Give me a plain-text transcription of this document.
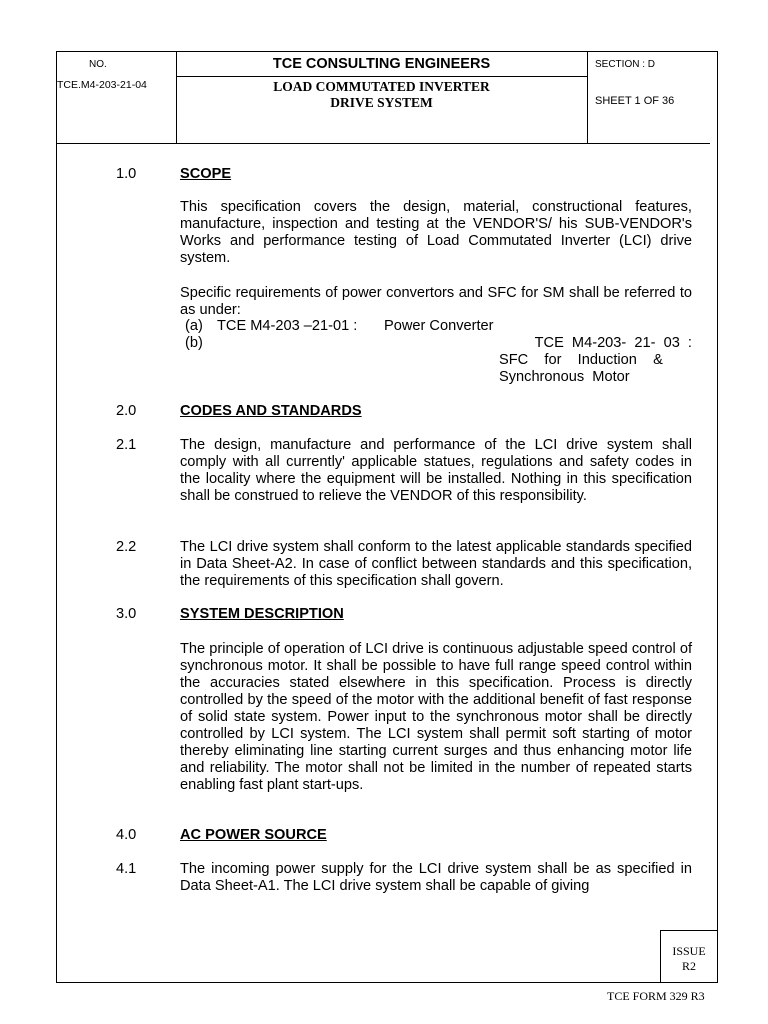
NO.
TCE.M4-203-21-04
TCE CONSULTING ENGINEERS
LOAD COMMUTATED INVERTER
DRIVE SYSTEM
SECTION : D
SHEET 1 OF 36
1.0	SCOPE
This specification covers the design, material, constructional features, manufacture, inspection and testing at the VENDOR'S/ his SUB-VENDOR's Works and performance testing of Load Commutated Inverter (LCI) drive system.
Specific requirements of power convertors and SFC for SM shall be referred to as under:
(a) TCE M4-203 –21-01 : Power Converter
(b)	TCE  M4-203-  21-  03  :
SFC    for    Induction    &
Synchronous  Motor
2.0	CODES AND STANDARDS
2.1	The design, manufacture and performance of the LCI drive system shall comply with all currently' applicable statues, regulations and safety codes in the locality where the equipment will be installed. Nothing in this specification shall be construed to relieve the VENDOR of this responsibility.
2.2	The LCI drive system shall conform to the latest applicable standards specified in Data Sheet-A2. In case of conflict between standards and this specification, the requirements of this specification shall govern.
3.0	SYSTEM DESCRIPTION
The principle of operation of LCI drive is continuous adjustable speed control of synchronous motor. It shall be possible to have full range speed control within the accuracies stated elsewhere in this specification. Process is directly controlled by the speed of the motor with the additional benefit of fast response of solid state system. Power input to the synchronous motor shall be directly controlled by LCI system. The LCI system shall permit soft starting of motor thereby eliminating line starting current surges and thus enhancing motor life and reliability. The motor shall not be limited in the number of repeated starts enabling fast plant start-ups.
4.0	AC POWER SOURCE
4.1	The incoming power supply for the LCI drive system shall be as specified in Data Sheet-A1. The LCI drive system shall be capable of giving
ISSUE
R2
TCE FORM 329 R3
